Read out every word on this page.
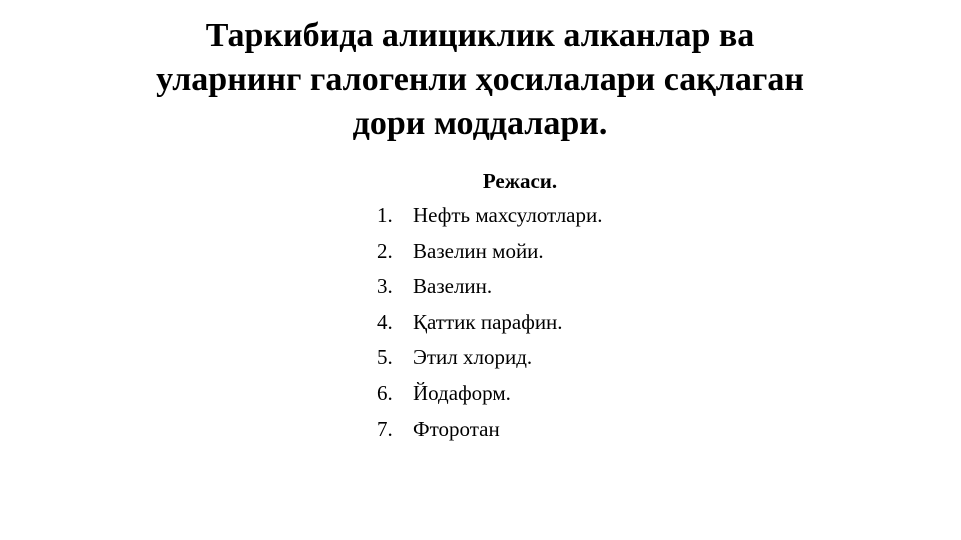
Таркибида алициклик алканлар ва
уларнинг галогенли ҳосилалари сақлаган
дори моддалари.

Режаси.

1. Нефть махсулотлари.
2. Вазелин мойи.
3. Вазелин.
4. Қаттик парафин.
5. Этил хлорид.
6. Йодаформ.
7. Фторотан
